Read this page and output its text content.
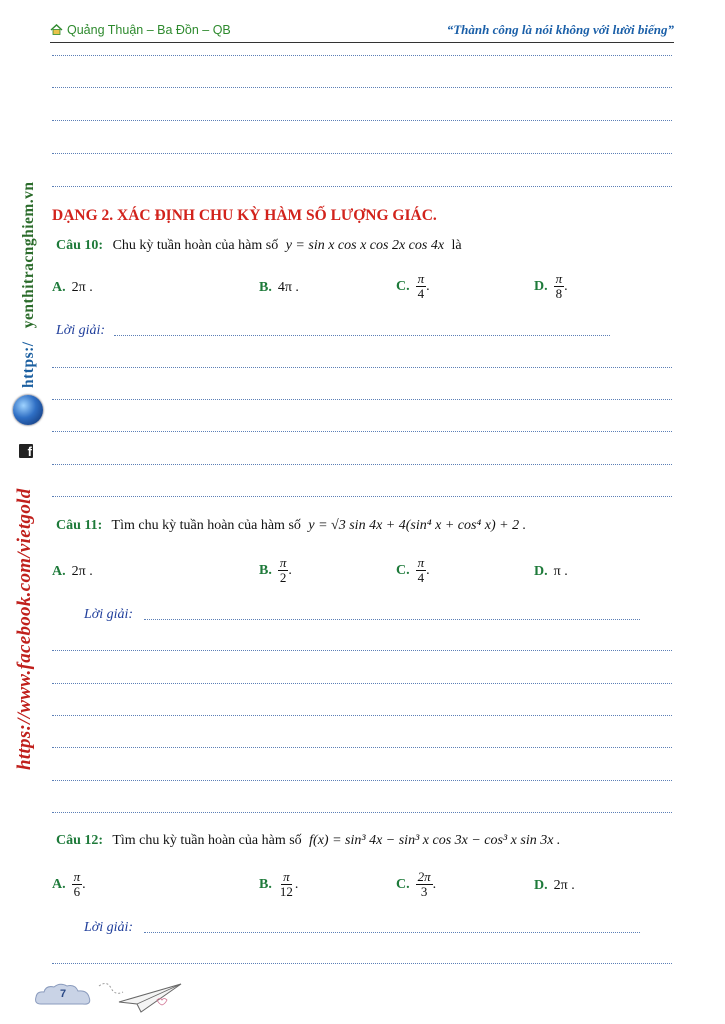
Quảng Thuận – Ba Đồn – QB	“Thành công là nói không với lười biếng”
https:/   yenthitracnghiem.vn
f
https://www.facebook.com/vietgold
DẠNG 2. XÁC ĐỊNH CHU KỲ HÀM SỐ LƯỢNG GIÁC.
Câu 10: Chu kỳ tuần hoàn của hàm số y = sin x cos x cos 2x cos 4x là
A. 2π .	B. 4π .	C. $\frac{\pi}{4}$ .	D. $\frac{\pi}{8}$ .
Lời giải:
Câu 11: Tìm chu kỳ tuần hoàn của hàm số y = √3 sin 4x + 4(sin⁴ x + cos⁴ x) + 2 .
A. 2π .	B. $\frac{\pi}{2}$ .	C. $\frac{\pi}{4}$ .	D. π .
Lời giải:
Câu 12: Tìm chu kỳ tuần hoàn của hàm số f(x) = sin³ 4x − sin³ x cos 3x − cos³ x sin 3x .
A. $\frac{\pi}{6}$ .	B. $\frac{\pi}{12}$ .	C. $\frac{2\pi}{3}$ .	D. 2π .
Lời giải:
7
